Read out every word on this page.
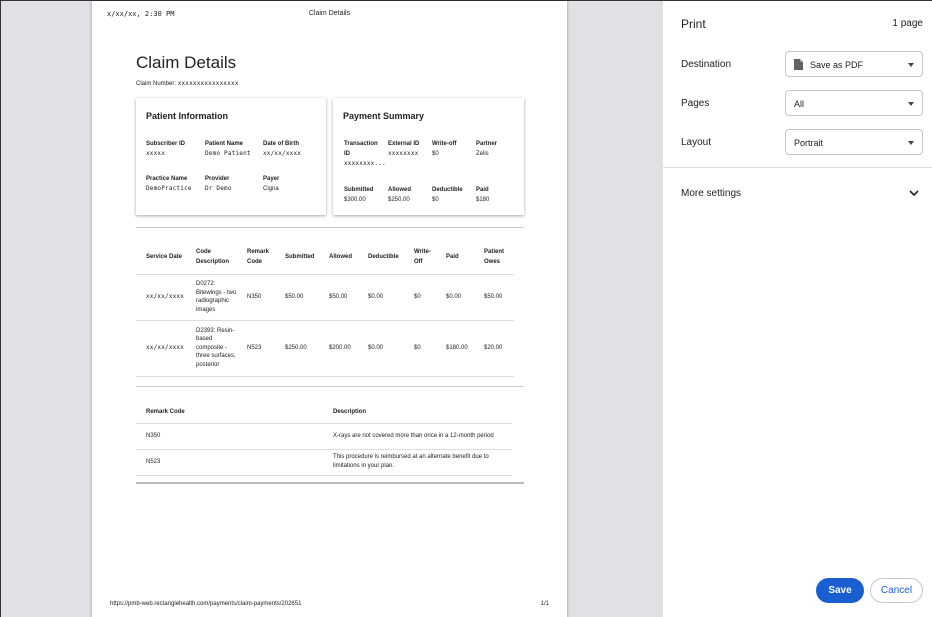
x/xx/xx, 2:30 PM	Claim Details
Claim Details
Claim Number: xxxxxxxxxxxxxxxx
Patient Information
Subscriber ID
xxxxx
Patient Name
Demo Patient
Date of Birth
xx/xx/xxxx
Practice Name
DemoPractice
Provider
Dr Demo
Payer
Cigna
Payment Summary
Transaction
ID
xxxxxxxx...
External ID
xxxxxxxx
Write-off
$0
Partner
Zelis
Submitted
$300.00
Allowed
$250.00
Deductible
$0
Paid
$180
Service Date	Code Description	Remark Code	Submitted	Allowed	Deductible	Write-Off	Paid	Patient Owes
xx/xx/xxxx	D0272: Bitewings - two radiographic images	N350	$50.00	$50.00	$0.00	$0	$0.00	$50.00
xx/xx/xxxx	D2393: Resin-based composite - three surfaces, posterior	N523	$250.00	$200.00	$0.00	$0	$180.00	$20.00
Remark Code	Description
N350	X-rays are not covered more than once in a 12-month period
N523	This procedure is reimbursed at an alternate benefit due to limitations in your plan.
https://pmb-web.rectanglehealth.com/payments/claim-payments/202651	1/1
Print	1 page
Destination	Save as PDF
Pages	All
Layout	Portrait
More settings
Save	Cancel
